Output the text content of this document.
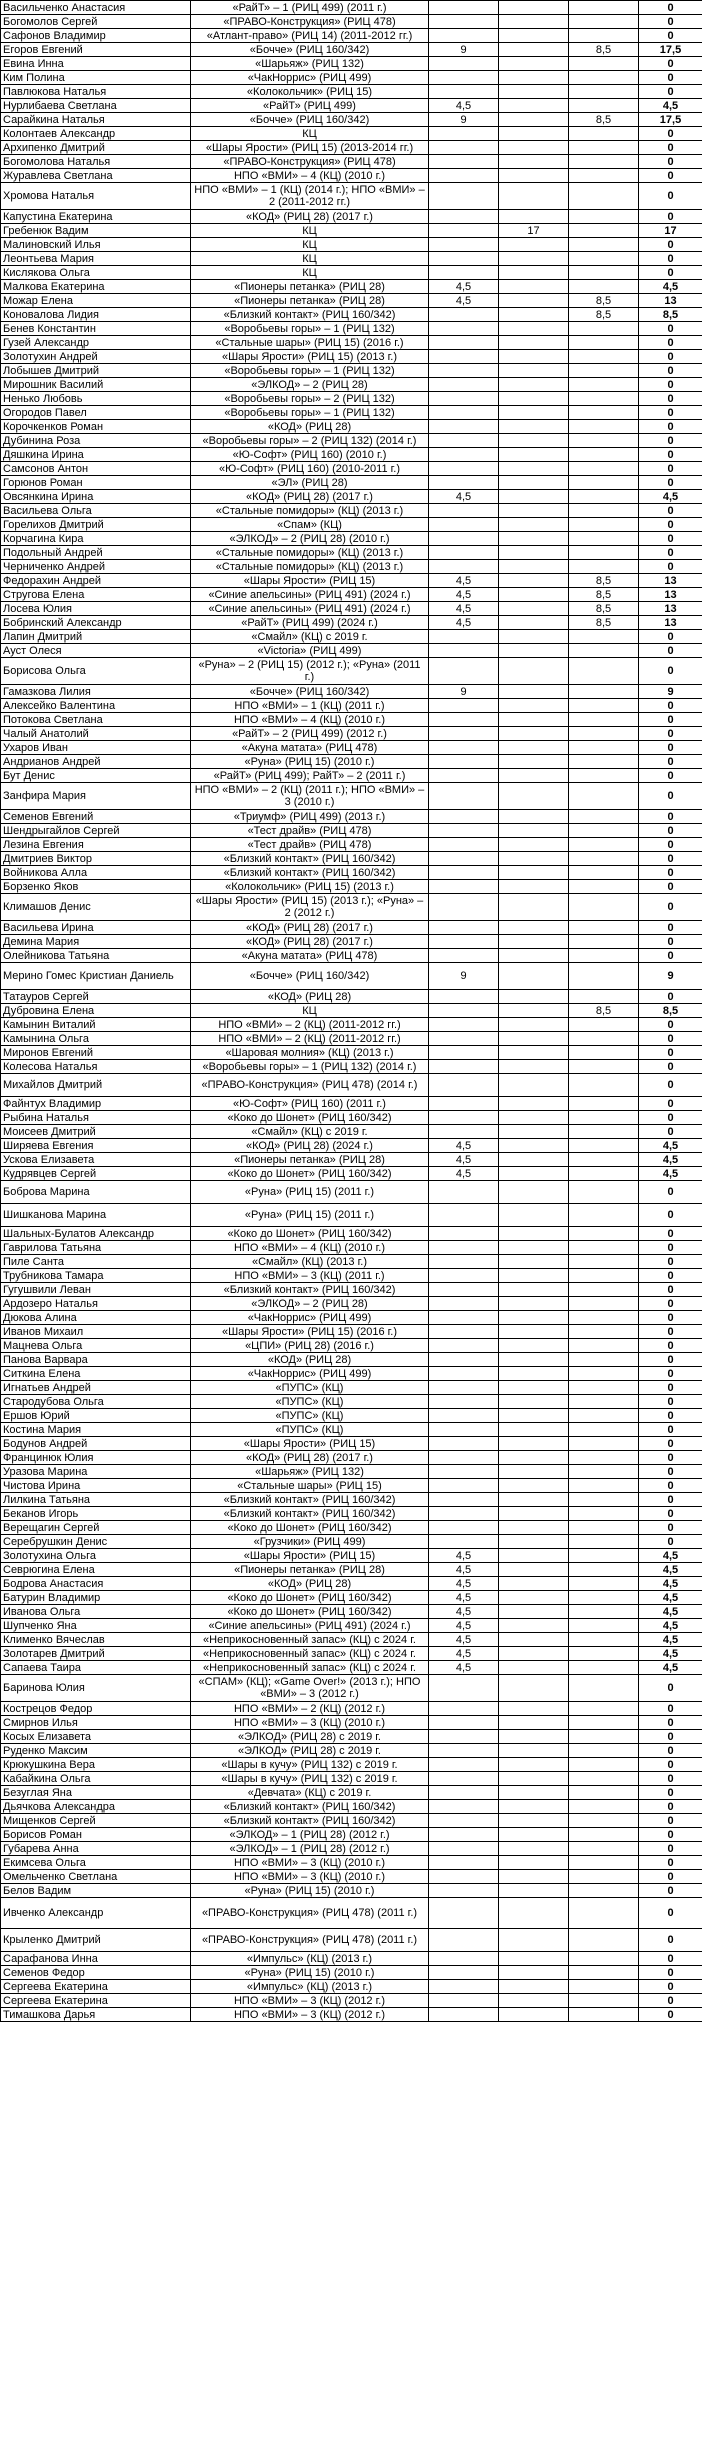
Васильченко Анастасия	«РайТ» – 1 (РИЦ 499) (2011 г.)				0
Богомолов Сергей	«ПРАВО-Конструкция» (РИЦ 478)				0
Сафонов Владимир	«Атлант-право» (РИЦ 14) (2011-2012 гг.)				0
Егоров Евгений	«Бочче» (РИЦ 160/342)	9		8,5	17,5
Евина Инна	«Шарьяж» (РИЦ 132)				0
Ким Полина	«ЧакНоррис» (РИЦ 499)				0
Павлюкова Наталья	«Колокольчик» (РИЦ 15)				0
Нурлибаева Светлана	«РайТ» (РИЦ 499)	4,5			4,5
Сарайкина Наталья	«Бочче» (РИЦ 160/342)	9		8,5	17,5
Колонтаев Александр	КЦ				0
Архипенко Дмитрий	«Шары Ярости» (РИЦ 15) (2013-2014 гг.)				0
Богомолова Наталья	«ПРАВО-Конструкция» (РИЦ 478)				0
Журавлева Светлана	НПО «ВМИ» – 4 (КЦ) (2010 г.)				0
Хромова Наталья	НПО «ВМИ» – 1 (КЦ) (2014 г.); НПО «ВМИ» – 2 (2011-2012 гг.)				0
Капустина Екатерина	«КОД» (РИЦ 28) (2017 г.)				0
Гребенюк Вадим	КЦ		17		17
Малиновский Илья	КЦ				0
Леонтьева Мария	КЦ				0
Кислякова Ольга	КЦ				0
Малкова Екатерина	«Пионеры петанка» (РИЦ 28)	4,5			4,5
Можар Елена	«Пионеры петанка» (РИЦ 28)	4,5		8,5	13
Коновалова Лидия	«Близкий контакт» (РИЦ 160/342)			8,5	8,5
Бенев Константин	«Воробьевы горы» – 1 (РИЦ 132)				0
Гузей Александр	«Стальные шары» (РИЦ 15) (2016 г.)				0
Золотухин Андрей	«Шары Ярости» (РИЦ 15) (2013 г.)				0
Лобышев Дмитрий	«Воробьевы горы» – 1 (РИЦ 132)				0
Мирошник Василий	«ЭЛКОД» – 2 (РИЦ 28)				0
Ненько Любовь	«Воробьевы горы» – 2 (РИЦ 132)				0
Огородов Павел	«Воробьевы горы» – 1 (РИЦ 132)				0
Корочкенков Роман	«КОД» (РИЦ 28)				0
Дубинина Роза	«Воробьевы горы» – 2 (РИЦ 132) (2014 г.)				0
Дяшкина Ирина	«Ю-Софт» (РИЦ 160) (2010 г.)				0
Самсонов Антон	«Ю-Софт» (РИЦ 160) (2010-2011 г.)				0
Горюнов Роман	«ЭЛ» (РИЦ 28)				0
Овсянкина Ирина	«КОД» (РИЦ 28) (2017 г.)	4,5			4,5
Васильева Ольга	«Стальные помидоры» (КЦ) (2013 г.)				0
Горелихов Дмитрий	«Спам» (КЦ)				0
Корчагина Кира	«ЭЛКОД» – 2 (РИЦ 28) (2010 г.)				0
Подольный Андрей	«Стальные помидоры» (КЦ) (2013 г.)				0
Черниченко Андрей	«Стальные помидоры» (КЦ) (2013 г.)				0
Федорахин Андрей	«Шары Ярости» (РИЦ 15)	4,5		8,5	13
Стругова Елена	«Синие апельсины» (РИЦ 491) (2024 г.)	4,5		8,5	13
Лосева Юлия	«Синие апельсины» (РИЦ 491) (2024 г.)	4,5		8,5	13
Бобринский Александр	«РайТ» (РИЦ 499) (2024 г.)	4,5		8,5	13
Лапин Дмитрий	«Смайл» (КЦ) с 2019 г.				0
Ауст Олеся	«Victoria» (РИЦ 499)				0
Борисова Ольга	«Руна» – 2 (РИЦ 15) (2012 г.); «Руна» (2011 г.)				0
Гамазкова Лилия	«Бочче» (РИЦ 160/342)	9			9
Алексейко Валентина	НПО «ВМИ» – 1 (КЦ) (2011 г.)				0
Потокова Светлана	НПО «ВМИ» – 4 (КЦ) (2010 г.)				0
Чалый Анатолий	«РайТ» – 2 (РИЦ 499) (2012 г.)				0
Ухаров Иван	«Акуна матата» (РИЦ 478)				0
Андрианов Андрей	«Руна» (РИЦ 15) (2010 г.)				0
Бут Денис	«РайТ» (РИЦ 499); РайТ» – 2 (2011 г.)				0
Занфира Мария	НПО «ВМИ» – 2 (КЦ) (2011 г.); НПО «ВМИ» – 3 (2010 г.)				0
Семенов Евгений	«Триумф» (РИЦ 499) (2013 г.)				0
Шендрыгайлов Сергей	«Тест драйв» (РИЦ 478)				0
Лезина Евгения	«Тест драйв» (РИЦ 478)				0
Дмитриев Виктор	«Близкий контакт» (РИЦ 160/342)				0
Войникова Алла	«Близкий контакт» (РИЦ 160/342)				0
Борзенко Яков	«Колокольчик» (РИЦ 15) (2013 г.)				0
Климашов Денис	«Шары Ярости» (РИЦ 15) (2013 г.); «Руна» – 2 (2012 г.)				0
Васильева Ирина	«КОД» (РИЦ 28) (2017 г.)				0
Демина Мария	«КОД» (РИЦ 28) (2017 г.)				0
Олейникова Татьяна	«Акуна матата» (РИЦ 478)				0
Мерино Гомес Кристиан Даниель	«Бочче» (РИЦ 160/342)	9			9
Татауров Сергей	«КОД» (РИЦ 28)				0
Дубровина Елена	КЦ			8,5	8,5
Камынин Виталий	НПО «ВМИ» – 2 (КЦ) (2011-2012 гг.)				0
Камынина Ольга	НПО «ВМИ» – 2 (КЦ) (2011-2012 гг.)				0
Миронов Евгений	«Шаровая молния» (КЦ) (2013 г.)				0
Колесова Наталья	«Воробьевы горы» – 1 (РИЦ 132) (2014 г.)				0
Михайлов Дмитрий	«ПРАВО-Конструкция» (РИЦ 478) (2014 г.)				0
Файнтух Владимир	«Ю-Софт» (РИЦ 160) (2011 г.)				0
Рыбина Наталья	«Коко до Шонет» (РИЦ 160/342)				0
Моисеев Дмитрий	«Смайл» (КЦ) с 2019 г.				0
Ширяева Евгения	«КОД» (РИЦ 28) (2024 г.)	4,5			4,5
Ускова Елизавета	«Пионеры петанка» (РИЦ 28)	4,5			4,5
Кудрявцев Сергей	«Коко до Шонет» (РИЦ 160/342)	4,5			4,5
Боброва Марина	«Руна» (РИЦ 15) (2011 г.)				0
Шишканова Марина	«Руна» (РИЦ 15) (2011 г.)				0
Шальных-Булатов Александр	«Коко до Шонет» (РИЦ 160/342)				0
Гаврилова Татьяна	НПО «ВМИ» – 4 (КЦ) (2010 г.)				0
Пиле Санта	«Смайл» (КЦ) (2013 г.)				0
Трубникова Тамара	НПО «ВМИ» – 3 (КЦ) (2011 г.)				0
Гугушвили Леван	«Близкий контакт» (РИЦ 160/342)				0
Ардозеро Наталья	«ЭЛКОД» – 2 (РИЦ 28)				0
Дюкова Алина	«ЧакНоррис» (РИЦ 499)				0
Иванов Михаил	«Шары Ярости» (РИЦ 15) (2016 г.)				0
Мацнева Ольга	«ЦПИ» (РИЦ 28) (2016 г.)				0
Панова Варвара	«КОД» (РИЦ 28)				0
Ситкина Елена	«ЧакНоррис» (РИЦ 499)				0
Игнатьев Андрей	«ПУПС» (КЦ)				0
Стародубова Ольга	«ПУПС» (КЦ)				0
Ершов Юрий	«ПУПС» (КЦ)				0
Костина Мария	«ПУПС» (КЦ)				0
Бодунов Андрей	«Шары Ярости» (РИЦ 15)				0
Францинюк Юлия	«КОД» (РИЦ 28) (2017 г.)				0
Уразова Марина	«Шарьяж» (РИЦ 132)				0
Чистова Ирина	«Стальные шары» (РИЦ 15)				0
Лилкина Татьяна	«Близкий контакт» (РИЦ 160/342)				0
Беканов Игорь	«Близкий контакт» (РИЦ 160/342)				0
Верещагин Сергей	«Коко до Шонет» (РИЦ 160/342)				0
Серебрушкин Денис	«Грузчики» (РИЦ 499)				0
Золотухина Ольга	«Шары Ярости» (РИЦ 15)	4,5			4,5
Севрюгина Елена	«Пионеры петанка» (РИЦ 28)	4,5			4,5
Бодрова Анастасия	«КОД» (РИЦ 28)	4,5			4,5
Батурин Владимир	«Коко до Шонет» (РИЦ 160/342)	4,5			4,5
Иванова Ольга	«Коко до Шонет» (РИЦ 160/342)	4,5			4,5
Шупченко Яна	«Синие апельсины» (РИЦ 491) (2024 г.)	4,5			4,5
Клименко Вячеслав	«Неприкосновенный запас» (КЦ) с 2024 г.	4,5			4,5
Золотарев Дмитрий	«Неприкосновенный запас» (КЦ) с 2024 г.	4,5			4,5
Сапаева Таира	«Неприкосновенный запас» (КЦ) с 2024 г.	4,5			4,5
Баринова Юлия	«СПАМ» (КЦ); «Game Over!» (2013 г.); НПО «ВМИ» – 3 (2012 г.)				0
Кострецов Федор	НПО «ВМИ» – 2 (КЦ) (2012 г.)				0
Смирнов Илья	НПО «ВМИ» – 3 (КЦ) (2010 г.)				0
Косых Елизавета	«ЭЛКОД» (РИЦ 28) с 2019 г.				0
Руденко Максим	«ЭЛКОД» (РИЦ 28) с 2019 г.				0
Крюкушкина Вера	«Шары в кучу» (РИЦ 132) с 2019 г.				0
Кабайкина Ольга	«Шары в кучу» (РИЦ 132) с 2019 г.				0
Безуглая Яна	«Девчата» (КЦ) с 2019 г.				0
Дьячкова Александра	«Близкий контакт» (РИЦ 160/342)				0
Мищенков Сергей	«Близкий контакт» (РИЦ 160/342)				0
Борисов Роман	«ЭЛКОД» – 1 (РИЦ 28) (2012 г.)				0
Губарева Анна	«ЭЛКОД» – 1 (РИЦ 28) (2012 г.)				0
Екимсева Ольга	НПО «ВМИ» – 3 (КЦ) (2010 г.)				0
Омельченко Светлана	НПО «ВМИ» – 3 (КЦ) (2010 г.)				0
Белов Вадим	«Руна» (РИЦ 15) (2010 г.)				0
Ивченко Александр	«ПРАВО-Конструкция» (РИЦ 478) (2011 г.)				0
Крыленко Дмитрий	«ПРАВО-Конструкция» (РИЦ 478) (2011 г.)				0
Сарафанова Инна	«Импульс» (КЦ) (2013 г.)				0
Семенов Федор	«Руна» (РИЦ 15) (2010 г.)				0
Сергеева Екатерина	«Импульс» (КЦ) (2013 г.)				0
Сергеева Екатерина	НПО «ВМИ» – 3 (КЦ) (2012 г.)				0
Тимашкова Дарья	НПО «ВМИ» – 3 (КЦ) (2012 г.)				0
